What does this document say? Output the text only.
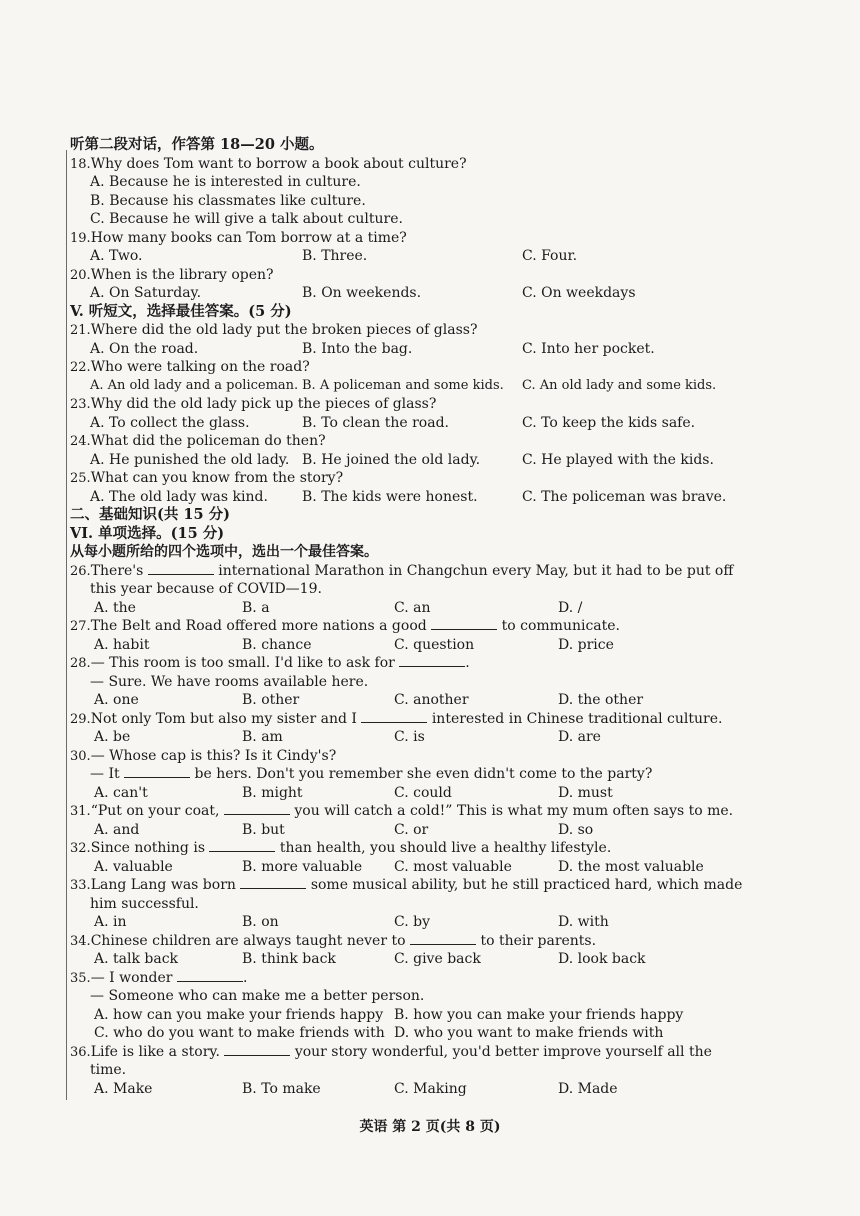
听第二段对话，作答第 18—20 小题。
18.Why does Tom want to borrow a book about culture?
A. Because he is interested in culture.
B. Because his classmates like culture.
C. Because he will give a talk about culture.
19.How many books can Tom borrow at a time?
A. Two.	B. Three.	C. Four.
20.When is the library open?
A. On Saturday.	B. On weekends.	C. On weekdays
V. 听短文，选择最佳答案。(5 分)
21.Where did the old lady put the broken pieces of glass?
A. On the road.	B. Into the bag.	C. Into her pocket.
22.Who were talking on the road?
A. An old lady and a policeman. B. A policeman and some kids. C. An old lady and some kids.
23.Why did the old lady pick up the pieces of glass?
A. To collect the glass.	B. To clean the road.	C. To keep the kids safe.
24.What did the policeman do then?
A. He punished the old lady. B. He joined the old lady.	C. He played with the kids.
25.What can you know from the story?
A. The old lady was kind. B. The kids were honest.	C. The policeman was brave.
二、基础知识(共 15 分)
VI. 单项选择。(15 分)
从每小题所给的四个选项中，选出一个最佳答案。
26.There's	international Marathon in Changchun every May, but it had to be put off
this year because of COVID—19.
A. the	B. a	C. an	D. /
27.The Belt and Road offered more nations a good	to communicate.
A. habit	B. chance	C. question	D. price
28.— This room is too small. I'd like to ask for	.
— Sure. We have rooms available here.
A. one	B. other	C. another	D. the other
29.Not only Tom but also my sister and I	interested in Chinese traditional culture.
A. be	B. am	C. is	D. are
30.— Whose cap is this? Is it Cindy's?
— It	be hers. Don't you remember she even didn't come to the party?
A. can't	B. might	C. could	D. must
31.“Put on your coat,	you will catch a cold!” This is what my mum often says to me.
A. and	B. but	C. or	D. so
32.Since nothing is	than health, you should live a healthy lifestyle.
A. valuable	B. more valuable C. most valuable	D. the most valuable
33.Lang Lang was born	some musical ability, but he still practiced hard, which made
him successful.
A. in	B. on	C. by	D. with
34.Chinese children are always taught never to	to their parents.
A. talk back	B. think back	C. give back	D. look back
35.— I wonder	.
— Someone who can make me a better person.
A. how can you make your friends happy B. how you can make your friends happy
C. who do you want to make friends with D. who you want to make friends with
36.Life is like a story.	your story wonderful, you'd better improve yourself all the
time.
A. Make	B. To make	C. Making	D. Made
英语 第 2 页(共 8 页)
